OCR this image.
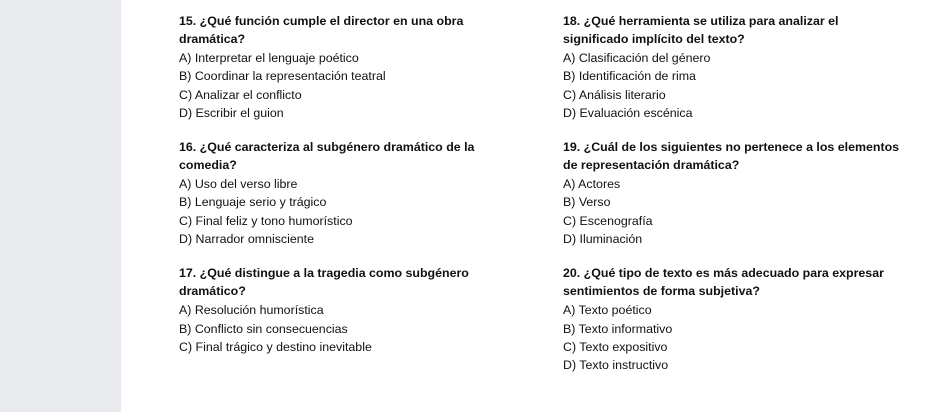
15. ¿Qué función cumple el director en una obra dramática?
A) Interpretar el lenguaje poético
B) Coordinar la representación teatral
C) Analizar el conflicto
D) Escribir el guion
16. ¿Qué caracteriza al subgénero dramático de la comedia?
A) Uso del verso libre
B) Lenguaje serio y trágico
C) Final feliz y tono humorístico
D) Narrador omnisciente
17. ¿Qué distingue a la tragedia como subgénero dramático?
A) Resolución humorística
B) Conflicto sin consecuencias
C) Final trágico y destino inevitable
18. ¿Qué herramienta se utiliza para analizar el significado implícito del texto?
A) Clasificación del género
B) Identificación de rima
C) Análisis literario
D) Evaluación escénica
19. ¿Cuál de los siguientes no pertenece a los elementos de representación dramática?
A) Actores
B) Verso
C) Escenografía
D) Iluminación
20. ¿Qué tipo de texto es más adecuado para expresar sentimientos de forma subjetiva?
A) Texto poético
B) Texto informativo
C) Texto expositivo
D) Texto instructivo
